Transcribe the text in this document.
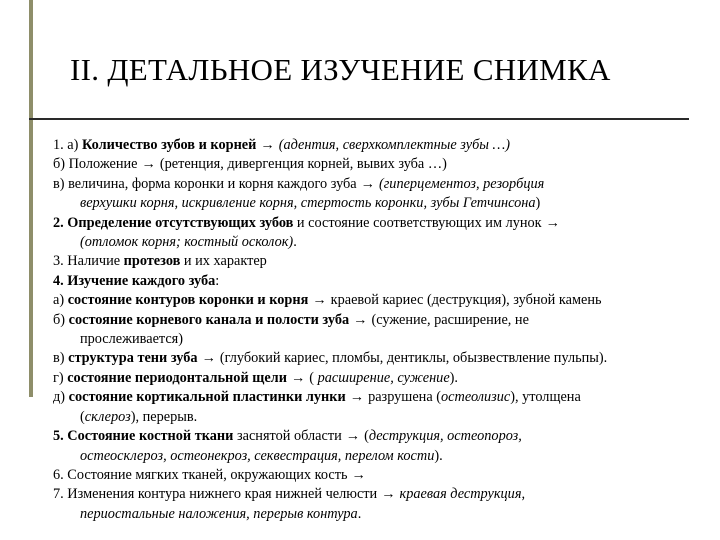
II. ДЕТАЛЬНОЕ ИЗУЧЕНИЕ СНИМКА
1. а) Количество зубов и корней → (адентия, сверхкомплектные зубы …)
б) Положение → (ретенция, дивергенция корней, вывих зуба …)
в) величина, форма коронки и корня каждого зуба → (гиперцементоз, резорбция
верхушки корня, искривление корня, стертость коронки, зубы Гетчинсона)
2. Определение отсутствующих зубов и состояние соответствующих им лунок →
(отломок корня; костный осколок).
3. Наличие протезов и их характер
4. Изучение каждого зуба:
а) состояние контуров коронки и корня → краевой кариес (деструкция), зубной камень
б) состояние корневого канала и полости зуба → (сужение, расширение, не
прослеживается)
в) структура тени зуба → (глубокий кариес, пломбы, дентиклы, обызвествление пульпы).
г) состояние периодонтальной щели → ( расширение, сужение).
д) состояние кортикальной пластинки лунки → разрушена (остеолизис), утолщена
(склероз), перерыв.
5. Состояние костной ткани заснятой области → (деструкция, остеопороз,
остеосклероз, остеонекроз, секвестрация, перелом кости).
6. Состояние мягких тканей, окружающих кость →
7. Изменения контура нижнего края нижней челюсти → краевая деструкция,
периостальные наложения, перерыв контура.
